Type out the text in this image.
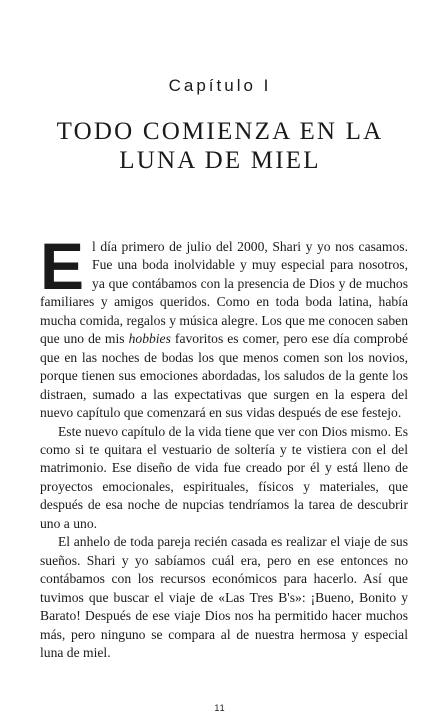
Capítulo I
TODO COMIENZA EN LA LUNA DE MIEL

El día primero de julio del 2000, Shari y yo nos casamos. Fue una boda inolvidable y muy especial para nosotros, ya que contábamos con la presencia de Dios y de muchos familiares y amigos queridos. Como en toda boda latina, había mucha comida, regalos y música alegre. Los que me conocen saben que uno de mis hobbies favoritos es comer, pero ese día comprobé que en las noches de bodas los que menos comen son los novios, porque tienen sus emociones abordadas, los saludos de la gente los distraen, sumado a las expectativas que surgen en la espera del nuevo capítulo que comenzará en sus vidas después de ese festejo.

Este nuevo capítulo de la vida tiene que ver con Dios mismo. Es como si te quitara el vestuario de soltería y te vistiera con el del matrimonio. Ese diseño de vida fue creado por él y está lleno de proyectos emocionales, espirituales, físicos y materiales, que después de esa noche de nupcias tendríamos la tarea de descubrir uno a uno.

El anhelo de toda pareja recién casada es realizar el viaje de sus sueños. Shari y yo sabíamos cuál era, pero en ese entonces no contábamos con los recursos económicos para hacerlo. Así que tuvimos que buscar el viaje de «Las Tres B's»: ¡Bueno, Bonito y Barato! Después de ese viaje Dios nos ha permitido hacer muchos más, pero ninguno se compara al de nuestra hermosa y especial luna de miel.

11
